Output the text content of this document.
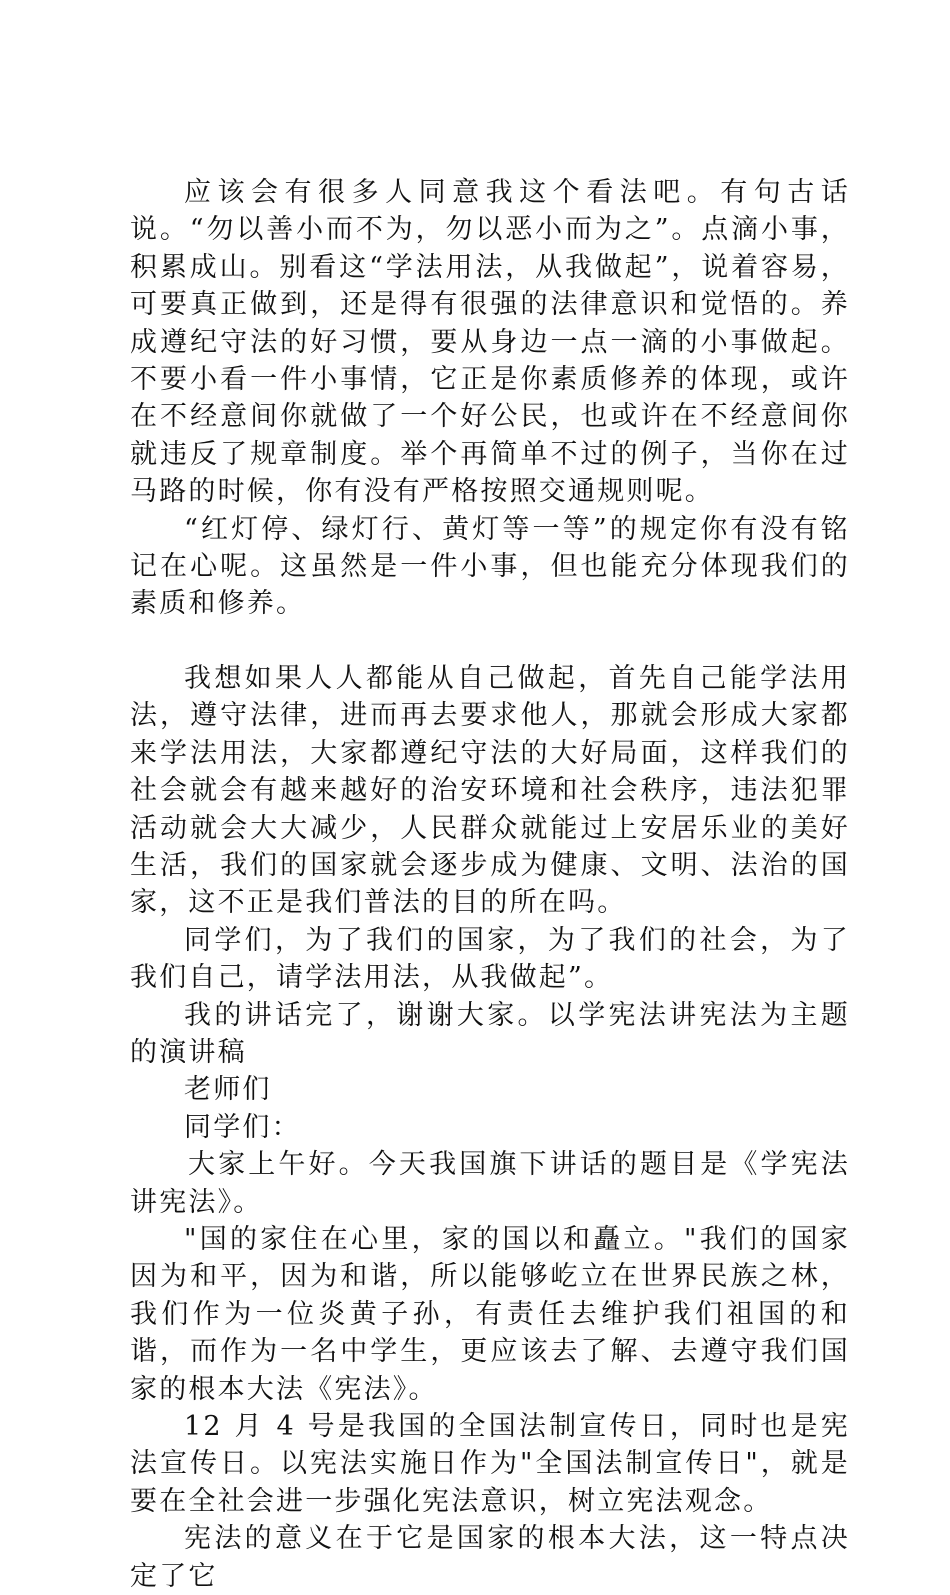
应该会有很多人同意我这个看法吧。有句古话说。“勿以善小而不为，勿以恶小而为之”。点滴小事，积累成山。别看这“学法用法，从我做起”，说着容易，可要真正做到，还是得有很强的法律意识和觉悟的。养成遵纪守法的好习惯，要从身边一点一滴的小事做起。不要小看一件小事情，它正是你素质修养的体现，或许在不经意间你就做了一个好公民，也或许在不经意间你就违反了规章制度。举个再简单不过的例子，当你在过马路的时候，你有没有严格按照交通规则呢。

“红灯停、绿灯行、黄灯等一等”的规定你有没有铭记在心呢。这虽然是一件小事，但也能充分体现我们的素质和修养。

我想如果人人都能从自己做起，首先自己能学法用法，遵守法律，进而再去要求他人，那就会形成大家都来学法用法，大家都遵纪守法的大好局面，这样我们的社会就会有越来越好的治安环境和社会秩序，违法犯罪活动就会大大减少，人民群众就能过上安居乐业的美好生活，我们的国家就会逐步成为健康、文明、法治的国家，这不正是我们普法的目的所在吗。

同学们，为了我们的国家，为了我们的社会，为了我们自己，请学法用法，从我做起”。

我的讲话完了，谢谢大家。以学宪法讲宪法为主题的演讲稿

老师们

同学们：

大家上午好。今天我国旗下讲话的题目是《学宪法讲宪法》。

"国的家住在心里，家的国以和矗立。"我们的国家因为和平，因为和谐，所以能够屹立在世界民族之林，我们作为一位炎黄子孙，有责任去维护我们祖国的和谐，而作为一名中学生，更应该去了解、去遵守我们国家的根本大法《宪法》。

12 月 4 号是我国的全国法制宣传日，同时也是宪法宣传日。以宪法实施日作为"全国法制宣传日"，就是要在全社会进一步强化宪法意识，树立宪法观念。

宪法的意义在于它是国家的根本大法，这一特点决定了它
